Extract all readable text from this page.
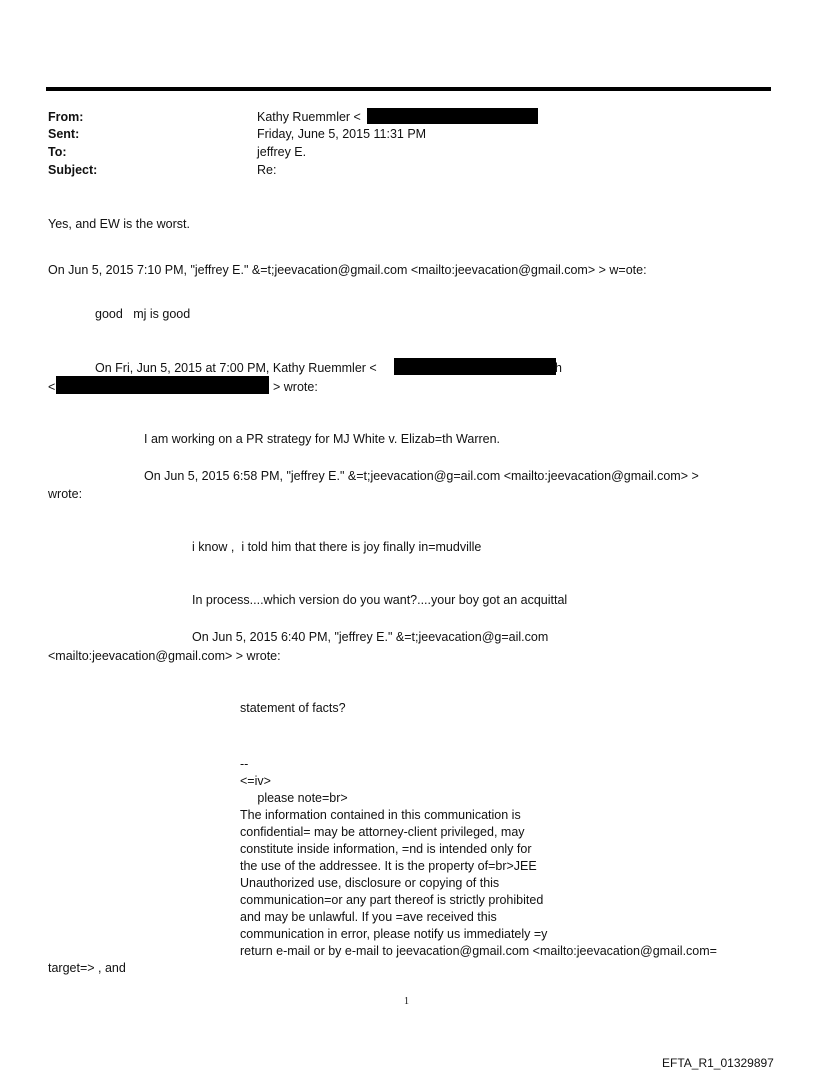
From:	Kathy Ruemmler <
Sent:	Friday, June 5, 2015 11:31 PM
To:	jeffrey E.
Subject:	Re:
Yes, and EW is the worst.
On Jun 5, 2015 7:10 PM, "jeffrey E." &=t;jeevacation@gmail.com <mailto:jeevacation@gmail.com> > w=ote:
good   mj is good
On Fri, Jun 5, 2015 at 7:00 PM, Kathy Ruemmler <	h
<	> wrote:
I am working on a PR strategy for MJ White v. Elizab=th Warren.
On Jun 5, 2015 6:58 PM, "jeffrey E." &=t;jeevacation@g=ail.com <mailto:jeevacation@gmail.com> >
wrote:
i know ,  i told him that there is joy finally in=mudville
In process....which version do you want?....your boy got an acquittal
On Jun 5, 2015 6:40 PM, "jeffrey E." &=t;jeevacation@g=ail.com
<mailto:jeevacation@gmail.com> > wrote:
statement of facts?
--
<=iv>
please note=br>
The information contained in this communication is
confidential= may be attorney-client privileged, may
constitute inside information, =nd is intended only for
the use of the addressee. It is the property of=br>JEE
Unauthorized use, disclosure or copying of this
communication=or any part thereof is strictly prohibited
and may be unlawful. If you =ave received this
communication in error, please notify us immediately =y
return e-mail or by e-mail to jeevacation@gmail.com <mailto:jeevacation@gmail.com=
target=> , and
1
EFTA_R1_01329897
